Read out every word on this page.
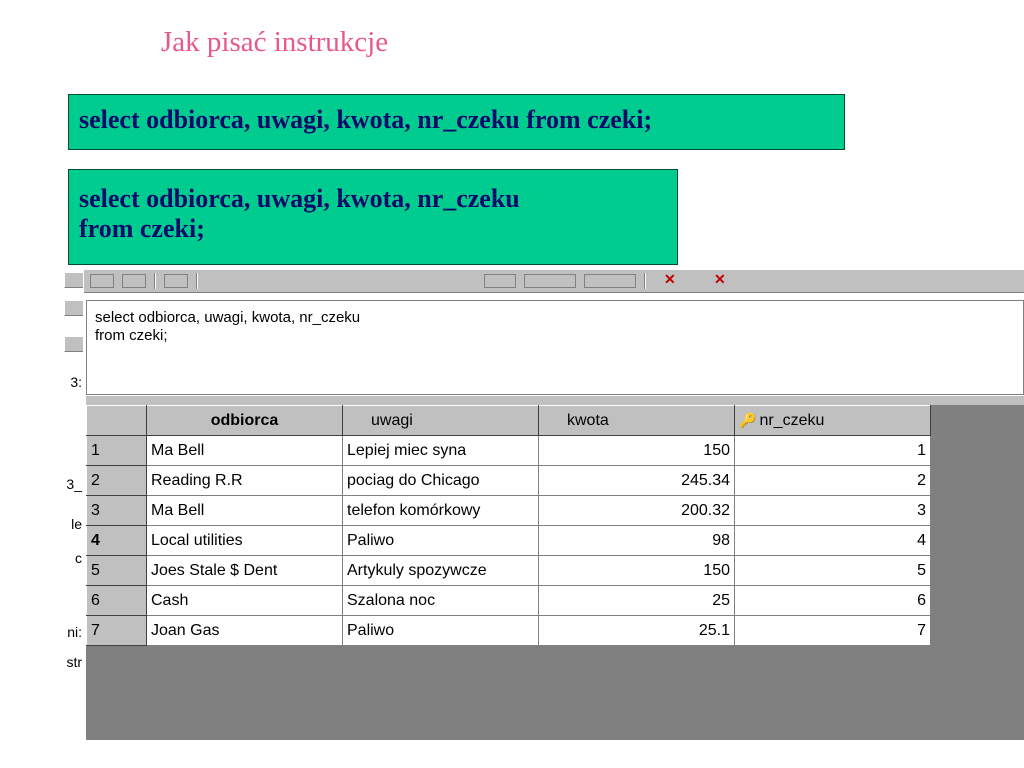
Jak pisać instrukcje
select odbiorca, uwagi, kwota, nr_czeku from czeki;
select odbiorca, uwagi, kwota, nr_czeku
from czeki;
3:
3_
le
c
ni:
str
✕	✕
select odbiorca, uwagi, kwota, nr_czeku
from czeki;
	odbiorca	uwagi	kwota	🔑 nr_czeku
1	Ma Bell	Lepiej miec syna	150	1
2	Reading R.R	pociag do Chicago	245.34	2
3	Ma Bell	telefon komórkowy	200.32	3
4	Local utilities	Paliwo	98	4
5	Joes Stale $ Dent	Artykuly spozywcze	150	5
6	Cash	Szalona noc	25	6
7	Joan Gas	Paliwo	25.1	7
